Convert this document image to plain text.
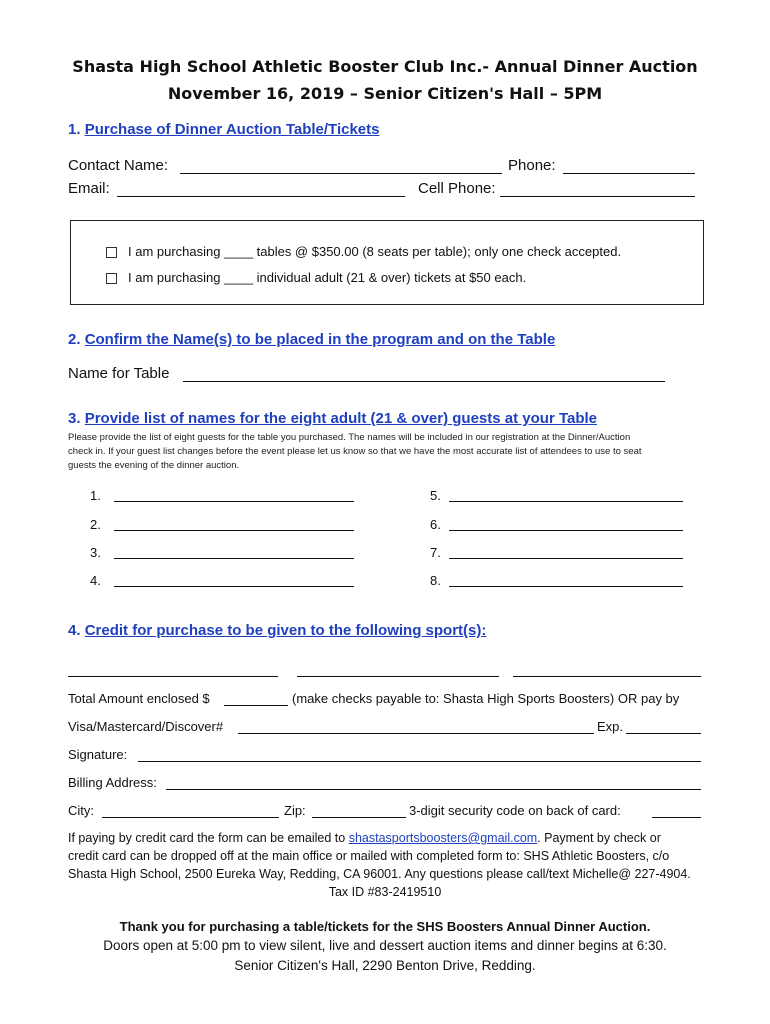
Shasta High School Athletic Booster Club Inc.- Annual Dinner Auction
November 16, 2019 – Senior Citizen's Hall – 5PM
1. Purchase of Dinner Auction Table/Tickets
Contact Name:	Phone:
Email:	Cell Phone:
I am purchasing ____ tables @ $350.00 (8 seats per table); only one check accepted.
I am purchasing ____ individual adult (21 & over) tickets at $50 each.
2. Confirm the Name(s) to be placed in the program and on the Table
Name for Table
3. Provide list of names for the eight adult (21 & over) guests at your Table
Please provide the list of eight guests for the table you purchased. The names will be included in our registration at the Dinner/Auction
check in. If your guest list changes before the event please let us know so that we have the most accurate list of attendees to use to seat
guests the evening of the dinner auction.
1.
2.
3.
4.
5.
6.
7.
8.
4. Credit for purchase to be given to the following sport(s):
Total Amount enclosed $	(make checks payable to: Shasta High Sports Boosters) OR pay by
Visa/Mastercard/Discover#	Exp.
Signature:
Billing Address:
City:	Zip:	3-digit security code on back of card:
If paying by credit card the form can be emailed to shastasportsboosters@gmail.com. Payment by check or
credit card can be dropped off at the main office or mailed with completed form to: SHS Athletic Boosters, c/o
Shasta High School, 2500 Eureka Way, Redding, CA 96001. Any questions please call/text Michelle@ 227-4904.
Tax ID #83-2419510
Thank you for purchasing a table/tickets for the SHS Boosters Annual Dinner Auction.
Doors open at 5:00 pm to view silent, live and dessert auction items and dinner begins at 6:30.
Senior Citizen's Hall, 2290 Benton Drive, Redding.
